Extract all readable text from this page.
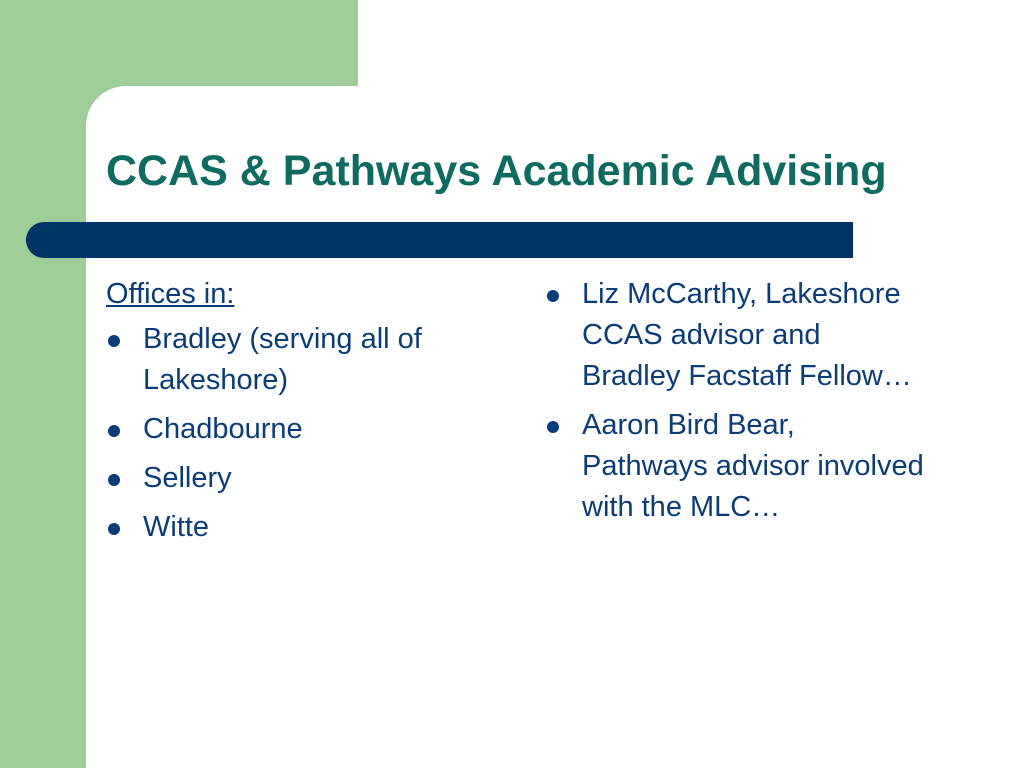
CCAS & Pathways Academic Advising
Offices in:
Bradley (serving all of Lakeshore)
Chadbourne
Sellery
Witte
Liz McCarthy, Lakeshore CCAS advisor and Bradley Facstaff Fellow…
Aaron Bird Bear, Pathways advisor involved with the MLC…
